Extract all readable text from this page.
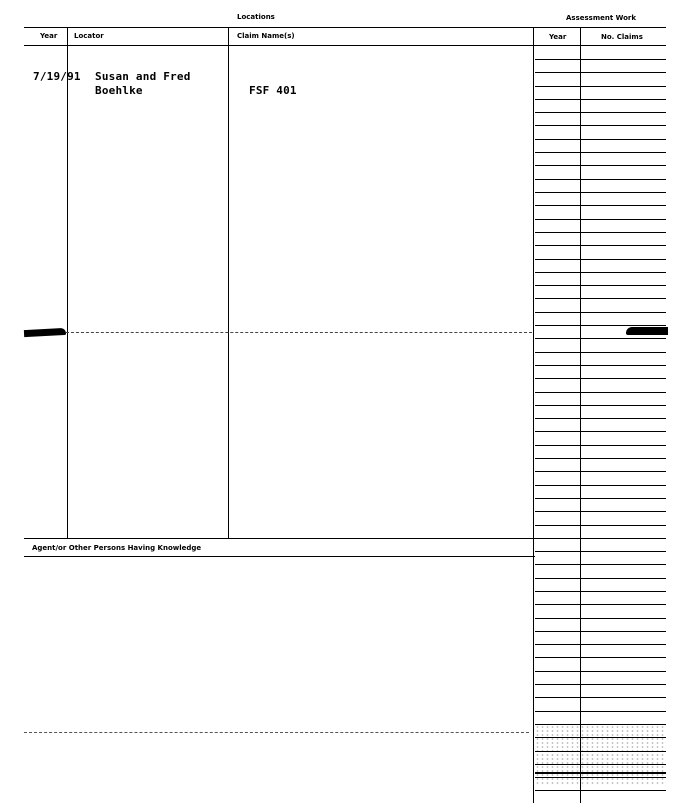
Locations	Assessment Work
Year Locator	Claim Name(s)	Year	No. Claims
7/19/91 Susan and Fred
Boehlke	FSF 401
Agent/or Other Persons Having Knowledge
